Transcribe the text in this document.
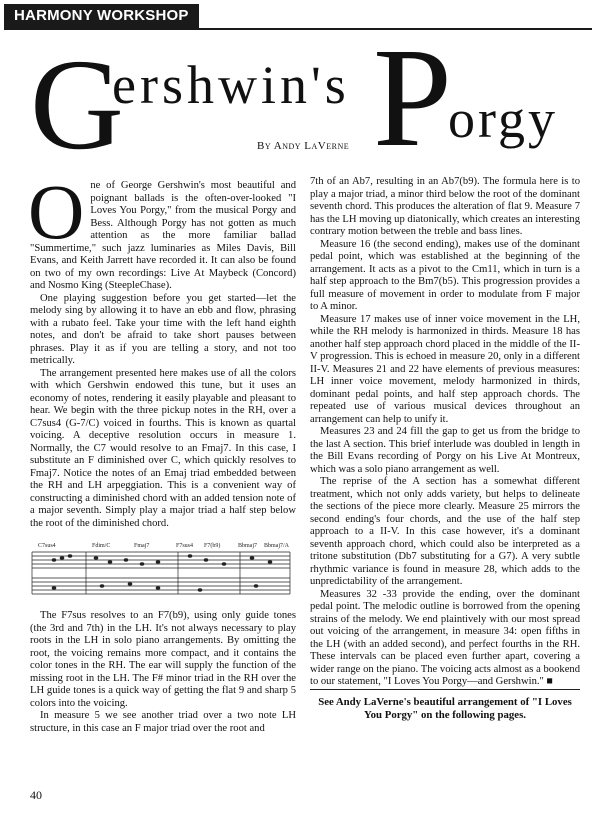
HARMONY WORKSHOP
G
ershwin's P
orgy
By Andy LaVerne

One of George Gershwin's most beautiful and poignant ballads is the often-over-looked "I Loves You Porgy," from the musical Porgy and Bess. Although Porgy has not gotten as much attention as the more familiar ballad "Summertime," such jazz luminaries as Miles Davis, Bill Evans, and Keith Jarrett have recorded it. It can also be found on two of my own recordings: Live At Maybeck (Concord) and Nosmo King (SteepleChase).

One playing suggestion before you get started—let the melody sing by allowing it to have an ebb and flow, phrasing with a rubato feel. Take your time with the left hand eighth notes, and don't be afraid to take short pauses between phrases. Play it as if you are telling a story, and not too metrically.

The arrangement presented here makes use of all the colors with which Gershwin endowed this tune, but it uses an economy of notes, rendering it easily playable and pleasant to hear. We begin with the three pickup notes in the RH, over a C7sus4 (G-7/C) voiced in fourths. This is known as quartal voicing. A deceptive resolution occurs in measure 1. Normally, the C7 would resolve to an Fmaj7. In this case, I substitute an F diminished over C, which quickly resolves to Fmaj7. Notice the notes of an Emaj triad embedded between the RH and LH arpeggiation. This is a convenient way of constructing a diminished chord with an added tension note of a major seventh. Simply play a major triad a half step below the root of the diminished chord.

C7sus4	Fdim/C	Fmaj7	F7sus4 F7(b9)	Bbmaj7 Bbmaj7/A

The F7sus resolves to an F7(b9), using only guide tones (the 3rd and 7th) in the LH. It's not always necessary to play roots in the LH in solo piano arrangements. By omitting the root, the voicing remains more compact, and it contains the color tones in the RH. The ear will supply the function of the missing root in the LH. The F# minor triad in the RH over the LH guide tones is a quick way of getting the flat 9 and sharp 5 colors into the voicing.

In measure 5 we see another triad over a two note LH structure, in this case an F major triad over the root and

7th of an Ab7, resulting in an Ab7(b9). The formula here is to play a major triad, a minor third below the root of the dominant seventh chord. This produces the alteration of flat 9. Measure 7 has the LH moving up diatonically, which creates an interesting contrary motion between the treble and bass lines.

Measure 16 (the second ending), makes use of the dominant pedal point, which was established at the beginning of the arrangement. It acts as a pivot to the Cm11, which in turn is a half step approach to the Bm7(b5). This progression provides a full measure of movement in order to modulate from F major to A minor.

Measure 17 makes use of inner voice movement in the LH, while the RH melody is harmonized in thirds. Measure 18 has another half step approach chord placed in the middle of the II-V progression. This is echoed in measure 20, only in a different II-V. Measures 21 and 22 have elements of previous measures: LH inner voice movement, melody harmonized in thirds, dominant pedal points, and half step approach chords. The repeated use of various musical devices throughout an arrangement can help to unify it.

Measures 23 and 24 fill the gap to get us from the bridge to the last A section. This brief interlude was doubled in length in the Bill Evans recording of Porgy on his Live At Montreux, which was a solo piano arrangement as well.

The reprise of the A section has a somewhat different treatment, which not only adds variety, but helps to delineate the sections of the piece more clearly. Measure 25 mirrors the second ending's four chords, and the use of the half step approach to a II-V. In this case however, it's a dominant seventh approach chord, which could also be interpreted as a tritone substitution (Db7 substituting for a G7). A very subtle rhythmic variance is found in measure 28, which adds to the unpredictability of the arrangement.

Measures 32 -33 provide the ending, over the dominant pedal point. The melodic outline is borrowed from the opening strains of the melody. We end plaintively with our most spread out voicing of the arrangement, in measure 34: open fifths in the LH (with an added second), and perfect fourths in the RH. These intervals can be placed even further apart, covering a wider range on the piano. The voicing acts almost as a bookend to our statement, "I Loves You Porgy—and Gershwin." ■

See Andy LaVerne's beautiful arrangement of "I Loves You Porgy" on the following pages.

40
